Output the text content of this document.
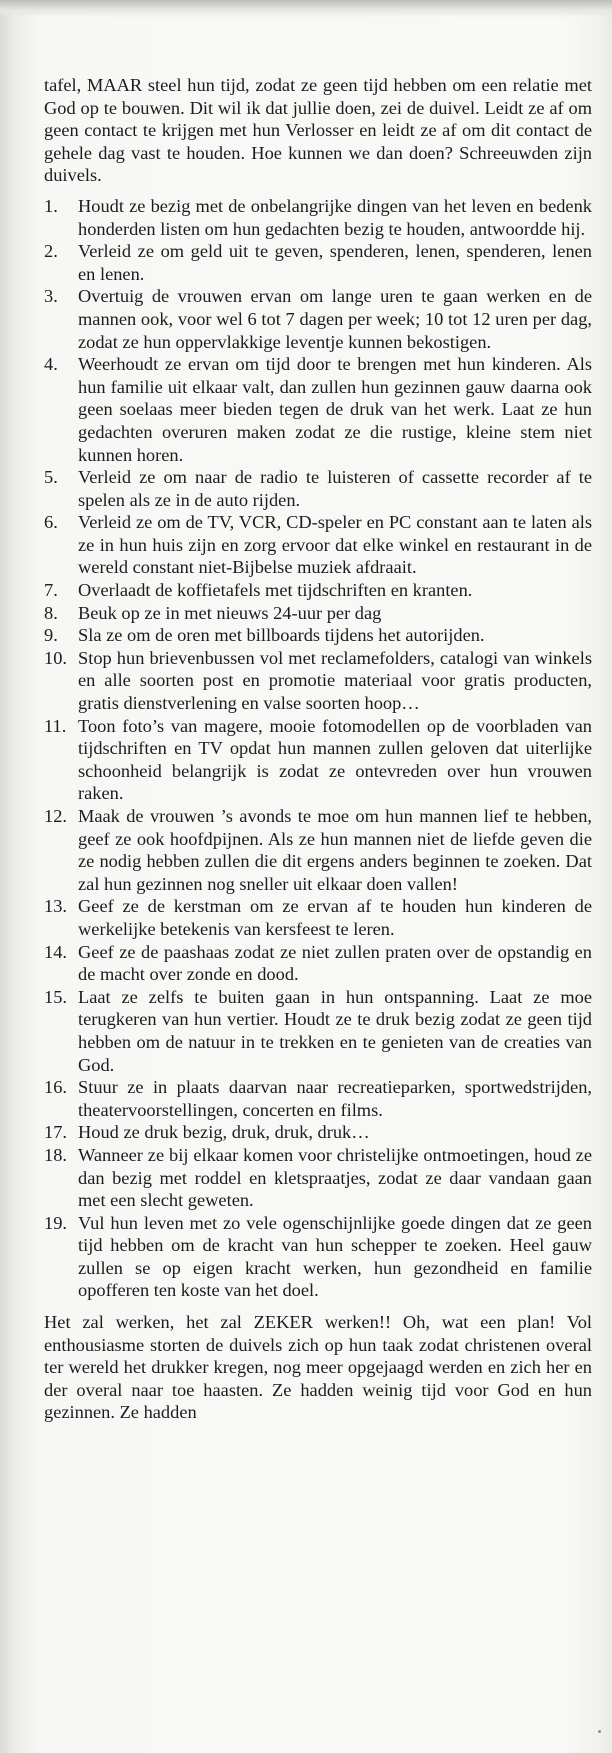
tafel, MAAR steel hun tijd, zodat ze geen tijd hebben om een relatie met God op te bouwen. Dit wil ik dat jullie doen, zei de duivel. Leidt ze af om geen contact te krijgen met hun Verlosser en leidt ze af om dit contact de gehele dag vast te houden. Hoe kunnen we dan doen? Schreeuwden zijn duivels.

1.	Houdt ze bezig met de onbelangrijke dingen van het leven en bedenk honderden listen om hun gedachten bezig te houden, antwoordde hij.
2.	Verleid ze om geld uit te geven, spenderen, lenen, spenderen, lenen en lenen.
3.	Overtuig de vrouwen ervan om lange uren te gaan werken en de mannen ook, voor wel 6 tot 7 dagen per week; 10 tot 12 uren per dag, zodat ze hun oppervlakkige leventje kunnen bekostigen.
4.	Weerhoudt ze ervan om tijd door te brengen met hun kinderen. Als hun familie uit elkaar valt, dan zullen hun gezinnen gauw daarna ook geen soelaas meer bieden tegen de druk van het werk. Laat ze hun gedachten overuren maken zodat ze die rustige, kleine stem niet kunnen horen.
5.	Verleid ze om naar de radio te luisteren of cassette recorder af te spelen als ze in de auto rijden.
6.	Verleid ze om de TV, VCR, CD-speler en PC constant aan te laten als ze in hun huis zijn en zorg ervoor dat elke winkel en restaurant in de wereld constant niet-Bijbelse muziek afdraait.
7.	Overlaadt de koffietafels met tijdschriften en kranten.
8.	Beuk op ze in met nieuws 24-uur per dag
9.	Sla ze om de oren met billboards tijdens het autorijden.
10. Stop hun brievenbussen vol met reclamefolders, catalogi van winkels en alle soorten post en promotie materiaal voor gratis producten, gratis dienstverlening en valse soorten hoop…
11. Toon foto’s van magere, mooie fotomodellen op de voorbladen van tijdschriften en TV opdat hun mannen zullen geloven dat uiterlijke schoonheid belangrijk is zodat ze ontevreden over hun vrouwen raken.
12. Maak de vrouwen ’s avonds te moe om hun mannen lief te hebben, geef ze ook hoofdpijnen. Als ze hun mannen niet de liefde geven die ze nodig hebben zullen die dit ergens anders beginnen te zoeken. Dat zal hun gezinnen nog sneller uit elkaar doen vallen!
13. Geef ze de kerstman om ze ervan af te houden hun kinderen de werkelijke betekenis van kersfeest te leren.
14. Geef ze de paashaas zodat ze niet zullen praten over de opstandig en de macht over zonde en dood.
15. Laat ze zelfs te buiten gaan in hun ontspanning. Laat ze moe terugkeren van hun vertier. Houdt ze te druk bezig zodat ze geen tijd hebben om de natuur in te trekken en te genieten van de creaties van God.
16. Stuur ze in plaats daarvan naar recreatieparken, sportwedstrijden, theatervoorstellingen, concerten en films.
17. Houd ze druk bezig, druk, druk, druk…
18. Wanneer ze bij elkaar komen voor christelijke ontmoetingen, houd ze dan bezig met roddel en kletspraatjes, zodat ze daar vandaan gaan met een slecht geweten.
19. Vul hun leven met zo vele ogenschijnlijke goede dingen dat ze geen tijd hebben om de kracht van hun schepper te zoeken. Heel gauw zullen se op eigen kracht werken, hun gezondheid en familie opofferen ten koste van het doel.

Het zal werken, het zal ZEKER werken!! Oh, wat een plan! Vol enthousiasme storten de duivels zich op hun taak zodat christenen overal ter wereld het drukker kregen, nog meer opgejaagd werden en zich her en der overal naar toe haasten. Ze hadden weinig tijd voor God en hun gezinnen. Ze hadden
